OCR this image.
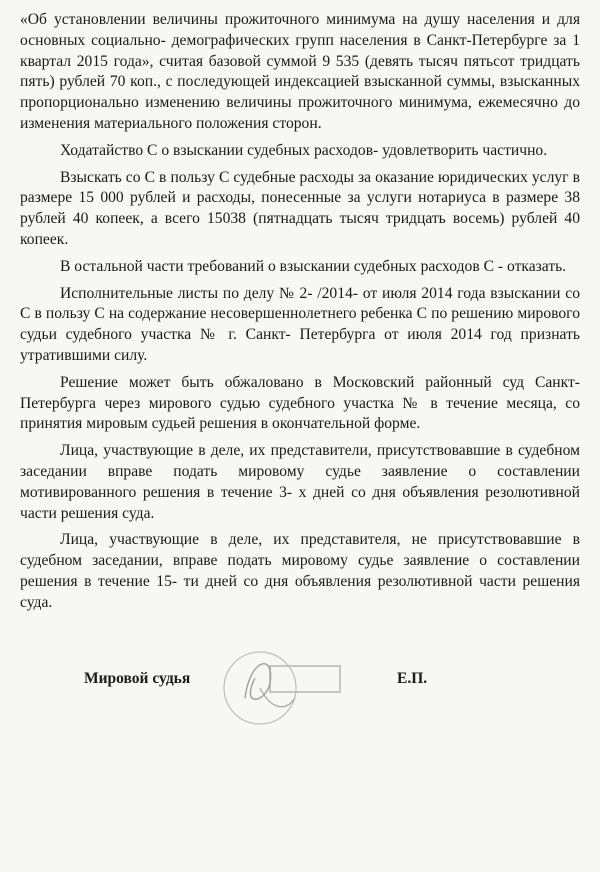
«Об установлении величины прожиточного минимума на душу населения и для основных социально- демографических групп населения в Санкт-Петербурге за 1 квартал 2015 года», считая базовой суммой 9 535 (девять тысяч пятьсот тридцать пять) рублей 70 коп., с последующей индексацией взысканной суммы, взысканных пропорционально изменению величины прожиточного минимума, ежемесячно до изменения материального положения сторон.

Ходатайство С о взыскании судебных расходов- удовлетворить частично.

Взыскать со С в пользу С судебные расходы за оказание юридических услуг в размере 15 000 рублей и расходы, понесенные за услуги нотариуса в размере 38 рублей 40 копеек, а всего 15038 (пятнадцать тысяч тридцать восемь) рублей 40 копеек.

В остальной части требований о взыскании судебных расходов С - отказать.

Исполнительные листы по делу № 2- /2014- от июля 2014 года взыскании со С в пользу С на содержание несовершеннолетнего ребенка С по решению мирового судьи судебного участка № г. Санкт- Петербурга от июля 2014 год признать утратившими силу.

Решение может быть обжаловано в Московский районный суд Санкт-Петербурга через мирового судью судебного участка № в течение месяца, со принятия мировым судьей решения в окончательной форме.

Лица, участвующие в деле, их представители, присутствовавшие в судебном заседании вправе подать мировому судье заявление о составлении мотивированного решения в течение 3- х дней со дня объявления резолютивной части решения суда.

Лица, участвующие в деле, их представителя, не присутствовавшие в судебном заседании, вправе подать мировому судье заявление о составлении решения в течение 15- ти дней со дня объявления резолютивной части решения суда.

Мировой судья	Е.П.
